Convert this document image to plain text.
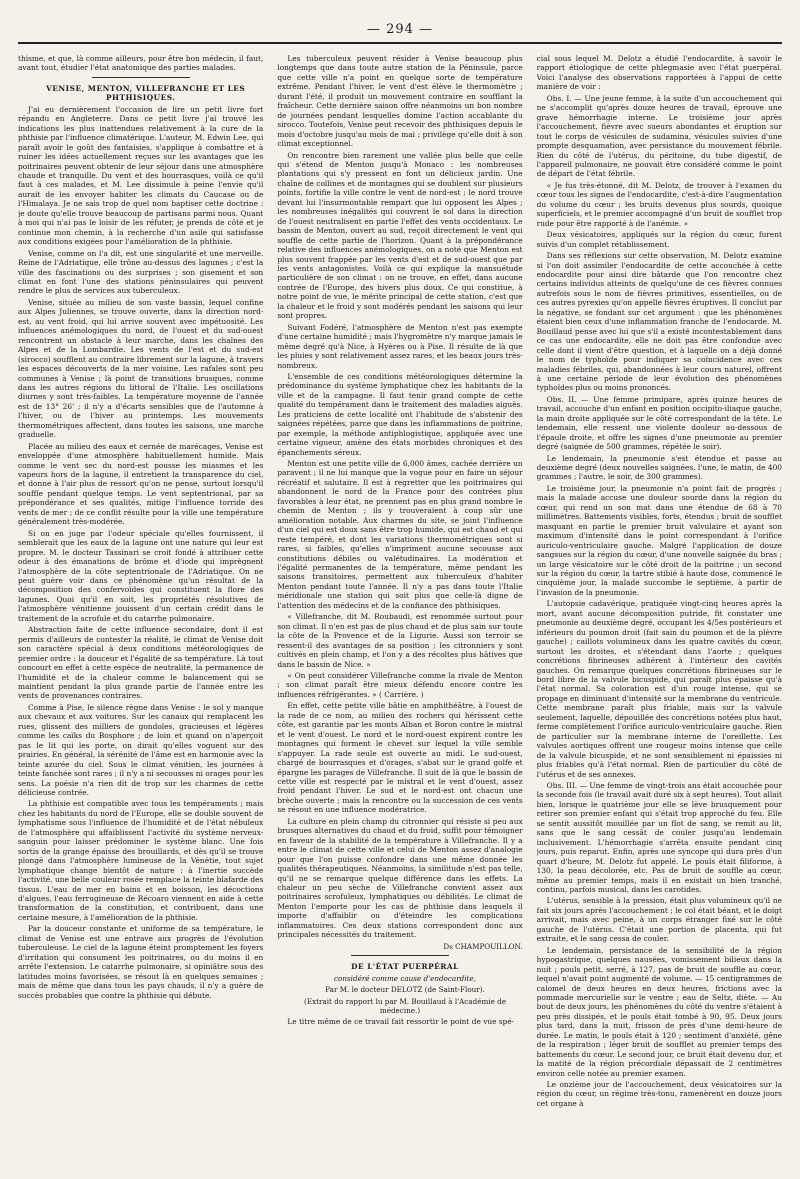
— 294 —

thisme, et que, là comme ailleurs, pour être bon médecin, il faut, avant tout, étudier l'état anatomique des parties malades.

VENISE, MENTON, VILLEFRANCHE ET LES PHTHISIQUES.

J'ai eu dernièrement l'occasion de lire un petit livre fort répandu en Angleterre. Dans ce petit livre j'ai trouvé les indications les plus inattendues relativement à la cure de la phthisie par l'influence climatérique. L'auteur, M. Edwin Lee, qui paraît avoir le goût des fantaisies, s'applique à combattre et à ruiner les idées actuellement reçues sur les avantages que les poitrinaires peuvent obtenir de leur séjour dans une atmosphère chaude et tranquille. Du vent et des bourrasques, voilà ce qu'il faut à ces malades, et M. Lee dissimule à peine l'envie qu'il aurait de les envoyer habiter les climats du Caucase ou de l'Himalaya. Je ne sais trop de quel nom baptiser cette doctrine : je doute qu'elle trouve beaucoup de partisans parmi nous. Quant à moi qui n'ai pas le loisir de les réfuter, je prends de côté et je continue mon chemin, à la recherche d'un asile qui satisfasse aux conditions exigées pour l'amélioration de la phthisie.

Venise, comme on l'a dit, est une singularité et une merveille. Reine de l'Adriatique, elle trône au-dessus des lagunes ; c'est la ville des fascinations ou des surprises ; son gisement et son climat en font l'une des stations péninsulaires qui peuvent rendre le plus de services aux tuberculeux.

Venise, située au milieu de son vaste bassin, lequel confine aux Alpes Juliennes, se trouve ouverte, dans la direction nord-est, au vent froid, qui lui arrive souvent avec impétuosité. Les influences anémologiques du nord, de l'ouest et du sud-ouest rencontrent un obstacle à leur marche, dans les chaînes des Alpes et de la Lombardie. Les vents de l'est et du sud-est (sirocco) soufflent au contraire librement sur la lagune, à travers les espaces découverts de la mer voisine. Les rafales sont peu communes à Venise ; là point de transitions brusques, comme dans les autres régions du littoral de l'Italie. Les oscillations diurnes y sont très-faibles. La température moyenne de l'année est de 13° 26' ; il n'y a d'écarts sensibles que de l'automne à l'hiver, ou de l'hiver au printemps. Les mouvements thermométriques affectent, dans toutes les saisons, une marche graduelle.

Placée au milieu des eaux et cernée de marécages, Venise est enveloppée d'une atmosphère habituellement humide. Mais comme le vent sec du nord-est pousse les miasmes et les vapeurs hors de la lagune, il entretient la transparence du ciel, et donne à l'air plus de ressort qu'on ne pense, surtout lorsqu'il souffle pendant quelque temps. Le vent septentrional, par sa prépondérance et ses qualités, mitige l'influence torride des vents de mer ; de ce conflit résulte pour la ville une température généralement très-modérée.

Si on en juge par l'odeur spéciale qu'elles fournissent, il semblerait que les eaux de la lagune ont une nature qui leur est propre. M. le docteur Tassinari se croit fondé à attribuer cette odeur à des émanations de brôme et d'iode qui imprègnent l'atmosphère de la côte septentrionale de l'Adriatique. On ne peut guère voir dans ce phénomène qu'un résultat de la décomposition des confervoïdes qui constituent la flore des lagunes. Quoi qu'il en soit, les propriétés résolutives de l'atmosphère vénitienne jouissent d'un certain crédit dans le traitement de la scrofule et du catarrhe pulmonaire.

Abstraction faite de cette influence secondaire, dont il est permis d'ailleurs de contester la réalité, le climat de Venise doit son caractère spécial à deux conditions météorologiques de premier ordre : la douceur et l'égalité de sa température. Là tout concourt en effet à cette espèce de neutralité, la permanence de l'humidité et de la chaleur comme le balancement qui se maintient pendant la plus grande partie de l'année entre les vents de provenances contraires.

Comme à Pise, le silence règne dans Venise : le sol y manque aux chevaux et aux voitures. Sur les canaux qui remplacent les rues, glissent des milliers de gondoles, gracieuses et légères comme les caïks du Bosphore ; de loin et quand on n'aperçoit pas le lit qui les porte, on dirait qu'elles voguent sur des prairies. En général, la sérénité de l'âme est en harmonie avec la teinte azurée du ciel. Sous le climat vénitien, les journées à teinte fanchée sont rares ; il n'y a ni secousses ni orages pour les sens. La poésie n'a rien dit de trop sur les charmes de cette délicieuse contrée.

La phthisie est compatible avec tous les tempéraments ; mais chez les habitants du nord de l'Europe, elle se double souvent de lymphatisme sous l'influence de l'humidité et de l'état nébuleux de l'atmosphère qui affaiblissent l'activité du système nerveux-sanguin pour laisser prédominer le système blanc. Une fois sortis de la grange épaisse des brouillards, et dès qu'il se trouve plongé dans l'atmosphère lumineuse de la Vénétie, tout sujet lymphatique change bientôt de nature : à l'inertie succède l'activité, une belle couleur rosée remplace la teinte blafarde des tissus. L'eau de mer en bains et en boisson, les décoctions d'algues, l'eau ferrugineuse de Récoaro viennent en aide à cette transformation de la constitution, et contribuent, dans une certaine mesure, à l'amélioration de la phthisie.

Par la douceur constante et uniforme de sa température, le climat de Venise est une entrave aux progrès de l'évolution tuberculeuse. Le ciel de la lagune éteint promptement les foyers d'irritation qui consument les poitrinaires, ou du moins il en arrête l'extension. Le catarrhe pulmonaire, si opiniâtre sous des latitudes moins favorisées, se résout là en quelques semaines ; mais de même que dans tous les pays chauds, il n'y a guère de succès probables que contre la phthisie qui débute.

Les tuberculeux peuvent résider à Venise beaucoup plus longtemps que dans toute autre station de la Péninsule, parce que cette ville n'a point en quelque sorte de température extrême. Pendant l'hiver, le vent d'est élève le thermomètre ; durant l'été, il produit un mouvement contraire en soufflant la fraîcheur. Cette dernière saison offre néanmoins un bon nombre de journées pendant lesquelles domine l'action accablante du sirocco. Toutefois, Venise peut recevoir des phthisiques depuis le mois d'octobre jusqu'au mois de mai ; privilège qu'elle doit à son climat exceptionnel.

On rencontre bien rarement une vallée plus belle que celle qui s'étend de Menton jusqu'à Monaco : les nombreuses plantations qui s'y pressent en font un délicieux jardin. Une chaîne de collines et de montagnes qui se doublent sur plusieurs points, fortifie la ville contre le vent de nord-est ; le nord trouve devant lui l'insurmontable rempart que lui opposent les Alpes ; les nombreuses inégalités qui couvrent le sol dans la direction de l'ouest neutralisent en partie l'effet des vents occidentaux. Le bassin de Menton, ouvert au sud, reçoit directement le vent qui souffle de cette partie de l'horizon. Quant à la prépondérance relative des influences anémologiques, on a noté que Menton est plus souvent frappée par les vents d'est et de sud-ouest que par les vents antagonistes. Voilà ce qui explique la mansuétude particulière de son climat : on ne trouve, en effet, dans aucune contrée de l'Europe, des hivers plus doux. Ce qui constitue, à notre point de vue, le mérite principal de cette station, c'est que la chaleur et le froid y sont modérés pendant les saisons qui leur sont propres.

Suivant Fodéré, l'atmosphère de Menton n'est pas exempte d'une certaine humidité ; mais l'hygromètre n'y marque jamais le même degré qu'à Nice, à Hyères ou à Pise. Il résulte de là que les pluies y sont relativement assez rares, et les beaux jours très-nombreux.

L'ensemble de ces conditions météorologiques détermine la prédominance du système lymphatique chez les habitants de la ville et de la campagne. Il faut tenir grand compte de cette qualité du tempérament dans le traitement des maladies aiguës. Les praticiens de cette localité ont l'habitude de s'abstenir des saignées répétées, parce que dans les inflammations de poitrine, par exemple, la méthode antiphlogistique, appliquée avec une certaine vigueur, amène des états morbides chroniques et des épanchements séreux.

Menton est une petite ville de 6,000 âmes, cachée derrière un paravent ; il ne lui manque que la vogue pour en faire un séjour récréatif et salutaire. Il est à regretter que les poitrinaires qui abandonnent le nord de la France pour des contrées plus favorables à leur état, ne prennent pas en plus grand nombre le chemin de Menton ; ils y trouveraient à coup sûr une amélioration notable. Aux charmes du site, se joint l'influence d'un ciel qui est doux sans être trop humide, qui est chaud et qui reste tempéré, et dont les variations thermométriques sont si rares, si faibles, qu'elles n'impriment aucune secousse aux constitutions débiles ou valétudinaires. La modération et l'égalité permanentes de la température, même pendant les saisons transitoires, permettent aux tuberculeux d'habiter Menton pendant toute l'année. Il n'y a pas dans toute l'Italie méridionale une station qui soit plus que celle-là digne de l'attention des médecins et de la confiance des phthisiques.

« Villefranche, dit M. Roubaudi, est renommée surtout pour son climat. Il n'en est pas de plus chaud et de plus sain sur toute la côte de la Provence et de la Ligurie. Aussi son terroir se ressent-il des avantages de sa position ; les citronniers y sont cultivés en plein champ, et l'on y a des récoltes plus hâtives que dans le bassin de Nice. »

« On peut considérer Villefranche comme la rivale de Menton ; son climat paraît être mieux défendu encore contre les influences réfrigérantes. » ( Carrière. )

En effet, cette petite ville bâtie en amphithéâtre, à l'ouest de la rade de ce nom, au milieu des rochers qui hérissent cette côte, est garantie par les monts Alban et Boron contre le mistral et le vent d'ouest. Le nord et le nord-ouest expirent contre les montagnes qui forment le chevet sur lequel la ville semble s'appuyer. La rade seule est ouverte au midi. Le sud-ouest, chargé de bourrasques et d'orages, s'abat sur le grand golfe et épargne les parages de Villefranche. Il suit de là que le bassin de cette ville est respecté par le mistral et le vent d'ouest, assez froid pendant l'hiver. Le sud et le nord-est ont chacun une brèche ouverte ; mais la rencontre ou la succession de ces vents se résout en une influence modératrice.

La culture en plein champ du citronnier qui résiste si peu aux brusques alternatives du chaud et du froid, suffit pour témoigner en faveur de la stabilité de la température à Villefranche. Il y a entre le climat de cette ville et celui de Menton assez d'analogie pour que l'on puisse confondre dans une même donnée les qualités thérapeutiques. Néanmoins, la similitude n'est pas telle, qu'il ne se remarque quelque différence dans les effets. La chaleur un peu sèche de Villefranche convient assez aux poitrinaires scrofuleux, lymphatiques ou débilités. Le climat de Menton l'emporte pour les cas de phthisie dans lesquels il importe d'affaiblir ou d'éteindre les complications inflammatoires. Ces deux stations correspondent donc aux principales nécessités du traitement.

Dr CHAMPOUILLON.

DE L'ÉTAT PUERPÉRAL

considéré comme cause d'endocardite,

Par M. le docteur DELOTZ (de Saint-Flour).

(Extrait du rapport lu par M. Bouillaud à l'Académie de médecine.)

Le titre même de ce travail fait ressortir le point de vue spé-

cial sous lequel M. Delotz a étudié l'endocardite, à savoir le rapport étiologique de cette phlegmasie avec l'état puerpéral. Voici l'analyse des observations rapportées à l'appui de cette manière de voir :

Obs. I. — Une jeune femme, à la suite d'un accouchement qui ne s'accomplit qu'après douze heures de travail, éprouve une grave hémorrhagie interne. Le troisième jour après l'accouchement, fièvre avec sueurs abondantes et éruption sur tout le corps de vésicules de sudamina, vésicules suivies d'une prompte desquamation, avec persistance du mouvement fébrile. Rien du côté de l'utérus, du péritoine, du tube digestif, de l'appareil pulmonaire, ne pouvait être considéré comme le point de départ de l'état fébrile.

« Je fus très-étonné, dit M. Delotz, de trouver à l'examen du cœur tous les signes de l'endocardite, c'est-à-dire l'augmentation du volume du cœur ; les bruits devenus plus sourds, quoique superficiels, et le premier accompagné d'un bruit de soufflet trop rude pour être rapporté à de l'anémie. »

Deux vésicatoires, appliqués sur la région du cœur, furent suivis d'un complet rétablissement.

Dans ses réflexions sur cette observation, M. Delotz examine si l'on doit assimiler l'endocardite de cette accouchée à cette endocardite pour ainsi dire bâtarde que l'on rencontre chez certains individus atteints de quelqu'une de ces fièvres connues autrefois sous le nom de fièvres primitives, essentielles, ou de ces autres pyrexies qu'on appelle fièvres éruptives. Il conclut par la négative, se fondant sur cet argument : que les phénomènes étaient bien ceux d'une inflammation franche de l'endocarde. M. Bouillaud pense avec lui que s'il a existé incontestablement dans ce cas une endocardite, elle ne doit pas être confondue avec celle dont il vient d'être question, et à laquelle on a déjà donné le nom de typhoïde pour indiquer sa coïncidence avec ces maladies fébriles, qui, abandonnées à leur cours naturel, offrent à une certaine période de leur évolution des phénomènes typhoïdes plus ou moins prononcés.

Obs. II. — Une femme primipare, après quinze heures de travail, accouche d'un enfant en position occipito-iliaque gauche, la main droite appliquée sur le côté correspondant de la tête. Le lendemain, elle ressent une violente douleur au-dessous de l'épaule droite, et offre les signes d'une pneumonie au premier degré (saignée de 500 grammes, répétée le soir).

Le lendemain, la pneumonie s'est étendue et passe au deuxième degré (deux nouvelles saignées, l'une, le matin, de 400 grammes ; l'autre, le soir, de 300 grammes).

Le troisième jour, la pneumonie n'a point fait de progrès ; mais la malade accuse une douleur sourde dans la région du cœur, qui rend un son mat dans une étendue de 68 à 70 millimètres. Battements visibles, forts, étendus ; bruit de soufflet masquant en partie le premier bruit valvulaire et ayant son maximum d'intensité dans le point correspondant à l'orifice auriculo-ventriculaire gauche. Malgré l'application de douze sangsues sur la région du cœur, d'une nouvelle saignée du bras ; un large vésicatoire sur le côté droit de la poitrine ; un second sur la région du cœur, la tartre stibié à haute dose, commencé le cinquième jour, la malade succombe le septième, à partir de l'invasion de la pneumonie.

L'autopsie cadavérique, pratiquée vingt-cinq heures après la mort, avant aucune décomposition putride, fit constater une pneumonie au deuxième degré, occupant les 4/5es postérieurs et inférieurs du poumon droit (fait sain du poumon et de la plèvre gauche) ; caillots volumineux dans les quatre cavités du cœur, surtout les droites, et s'étendant dans l'aorte ; quelques concrétions fibrineuses adhérent à l'intérieur des cavités gauches. On remarque quelques concrétions fibrineuses sur le bord libre de la valvule bicuspide, qui paraît plus épaisse qu'à l'état normal. Sa coloration est d'un rouge intense, qui se propage en diminuant d'intensité sur la membrane du ventricule. Cette membrane paraît plus friable, mais sur la valvule seulement, laquelle, dépouillée des concrétions notées plus haut, ferme complètement l'orifice auriculo-ventriculaire gauche. Rien de particulier sur la membrane interne de l'oreillette. Les valvules aortiques offrent une rougeur moins intense que celle de la valvule bicuspide, et ne sont sensiblement ni épaissies ni plus friables qu'à l'état normal. Rien de particulier du côté de l'utérus et de ses annexes.

Obs. III. — Une femme de vingt-trois ans était accouchée pour la seconde fois (le travail avait duré six à sept heures). Tout allait bien, lorsque le quatrième jour elle se lève brusquement pour retirer son premier enfant qui s'était trop approché du feu. Elle se sentit aussitôt mouillée par un flot de sang, se remit au lit, sans que le sang cessât de couler jusqu'au lendemain inclusivement. L'hémorrhagie s'arrêta ensuite pendant cinq jours, puis reparut. Enfin, après une syncope qui dura près d'un quart d'heure, M. Delotz fut appelé. Le pouls était filiforme, à 130, la peau décolorée, etc. Pas de bruit de souffle au cœur, même au premier temps, mais il en existait un bien tranché, continu, parfois musical, dans les carotides.

L'utérus, sensible à la pression, était plus volumineux qu'il ne fait six jours après l'accouchement ; le col était béant, et le doigt arrivait, mais avec peine, à un corps étranger fixé sur le côté gauche de l'utérus. C'était une portion de placenta, qui fut extraite, et le sang cessa de couler.

Le lendemain, persistance de la sensibilité de la région hypogastrique, quelques nausées, vomissement bilieux dans la nuit ; pouls petit, serré, à 127, pas de bruit de souffle au cœur, lequel n'avait point augmenté de volume. — 15 centigrammes de calomel de deux heures en deux heures, frictions avec la pommade mercurielle sur le ventre ; eau de Seltz, diète. — Au bout de deux jours, les phénomènes du côté du ventre s'étaient à peu près dissipés, et le pouls était tombé à 90, 95. Deux jours plus tard, dans la nuit, frisson de près d'une demi-heure de durée. Le matin, le pouls était à 120 ; sentiment d'anxiété, gêne de la respiration ; léger bruit de soufflet au premier temps des battements du cœur. Le second jour, ce bruit était devenu dur, et la matité de la région précordiale dépassait de 2 centimètres environ celle notée au premier examen.

Le onzième jour de l'accouchement, deux vésicatoires sur la région du cœur, un régime très-tonu, ramenèrent en douze jours cet organe à
